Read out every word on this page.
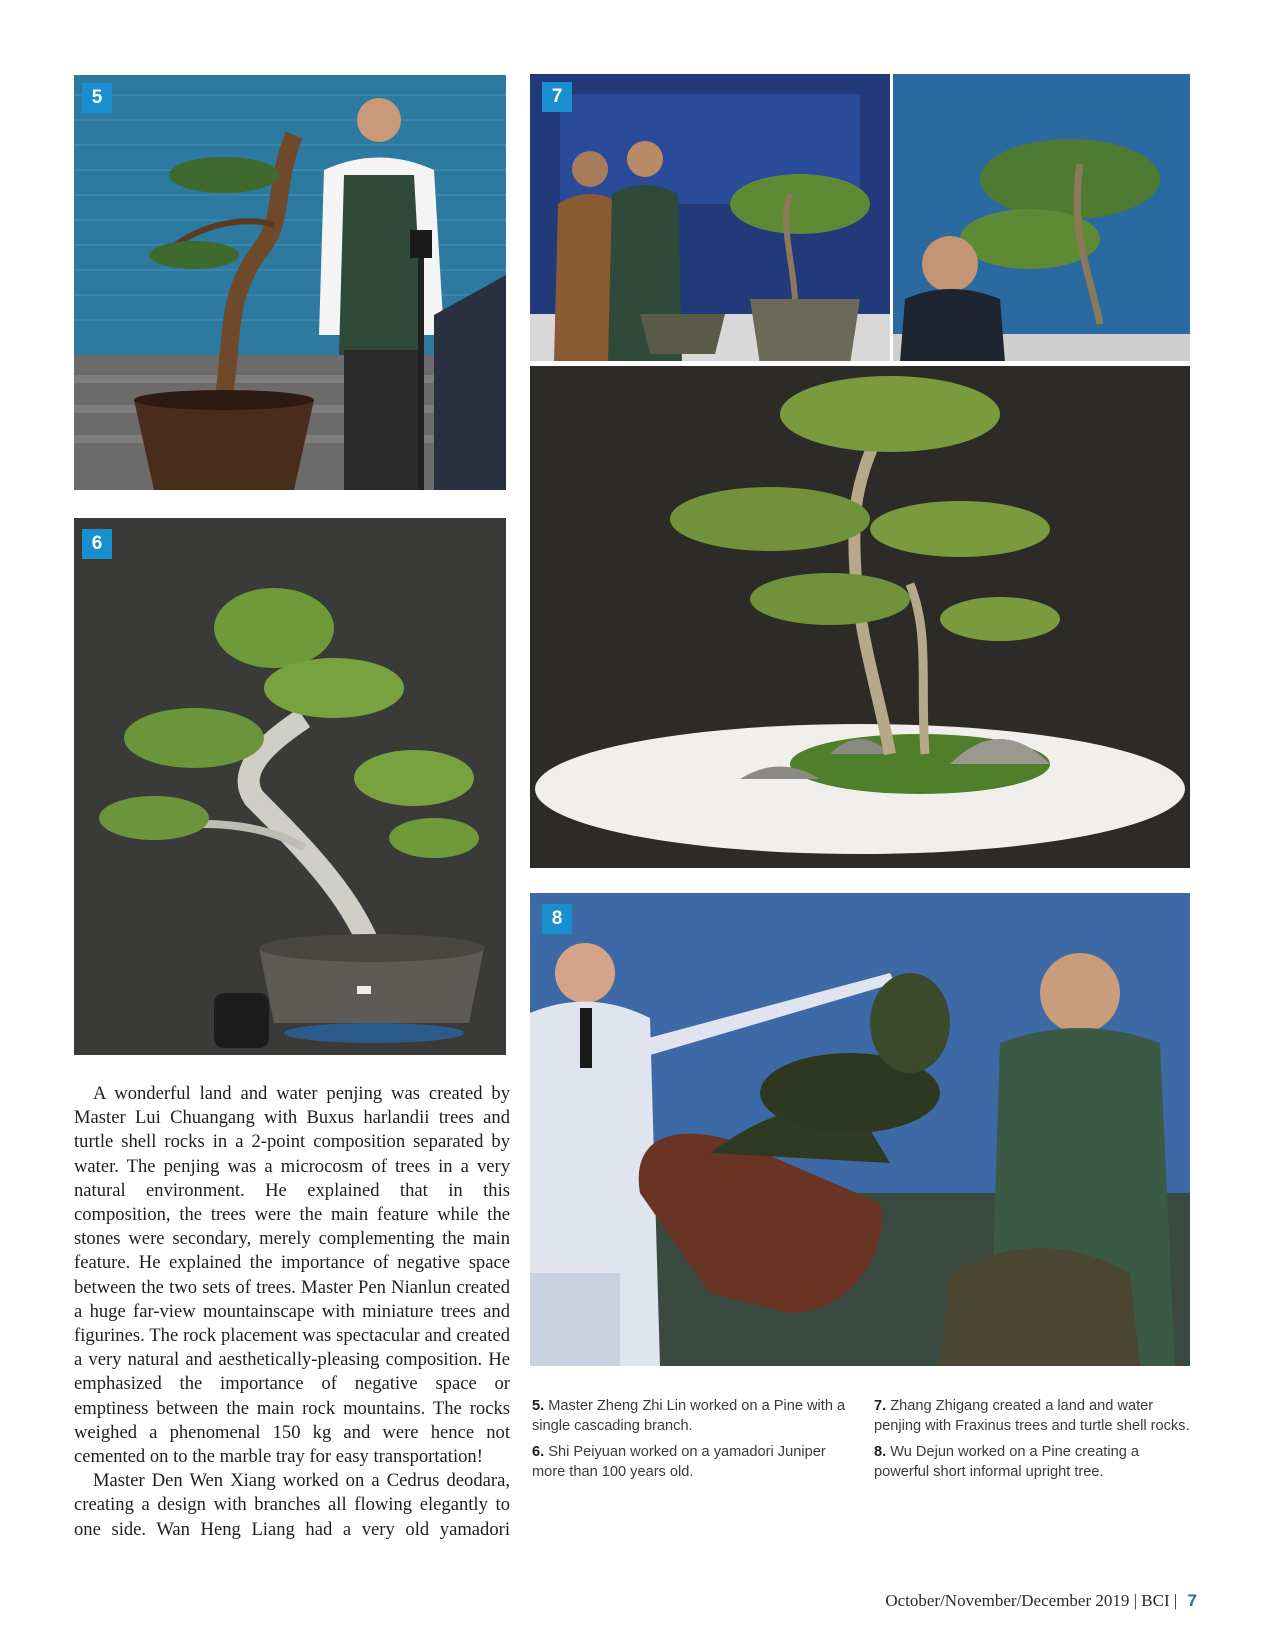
5
6
7
8

A wonderful land and water penjing was created by Master Lui Chuangang with Buxus harlandii trees and turtle shell rocks in a 2-point composition separated by water. The penjing was a microcosm of trees in a very natural environment. He explained that in this composition, the trees were the main feature while the stones were secondary, merely complementing the main feature. He explained the importance of negative space between the two sets of trees. Master Pen Nianlun created a huge far-view mountainscape with miniature trees and figurines. The rock placement was spectacular and created a very natural and aesthetically-pleasing composition. He emphasized the importance of negative space or emptiness between the main rock mountains. The rocks weighed a phenomenal 150 kg and were hence not cemented on to the marble tray for easy transportation!

Master Den Wen Xiang worked on a Cedrus deodara, creating a design with branches all flowing elegantly to one side. Wan Heng Liang had a very old yamadori

5. Master Zheng Zhi Lin worked on a Pine with a single cascading branch.
6. Shi Peiyuan worked on a yamadori Juniper more than 100 years old.
7. Zhang Zhigang created a land and water penjing with Fraxinus trees and turtle shell rocks.
8. Wu Dejun worked on a Pine creating a powerful short informal upright tree.
October/November/December 2019 | BCI | 7
